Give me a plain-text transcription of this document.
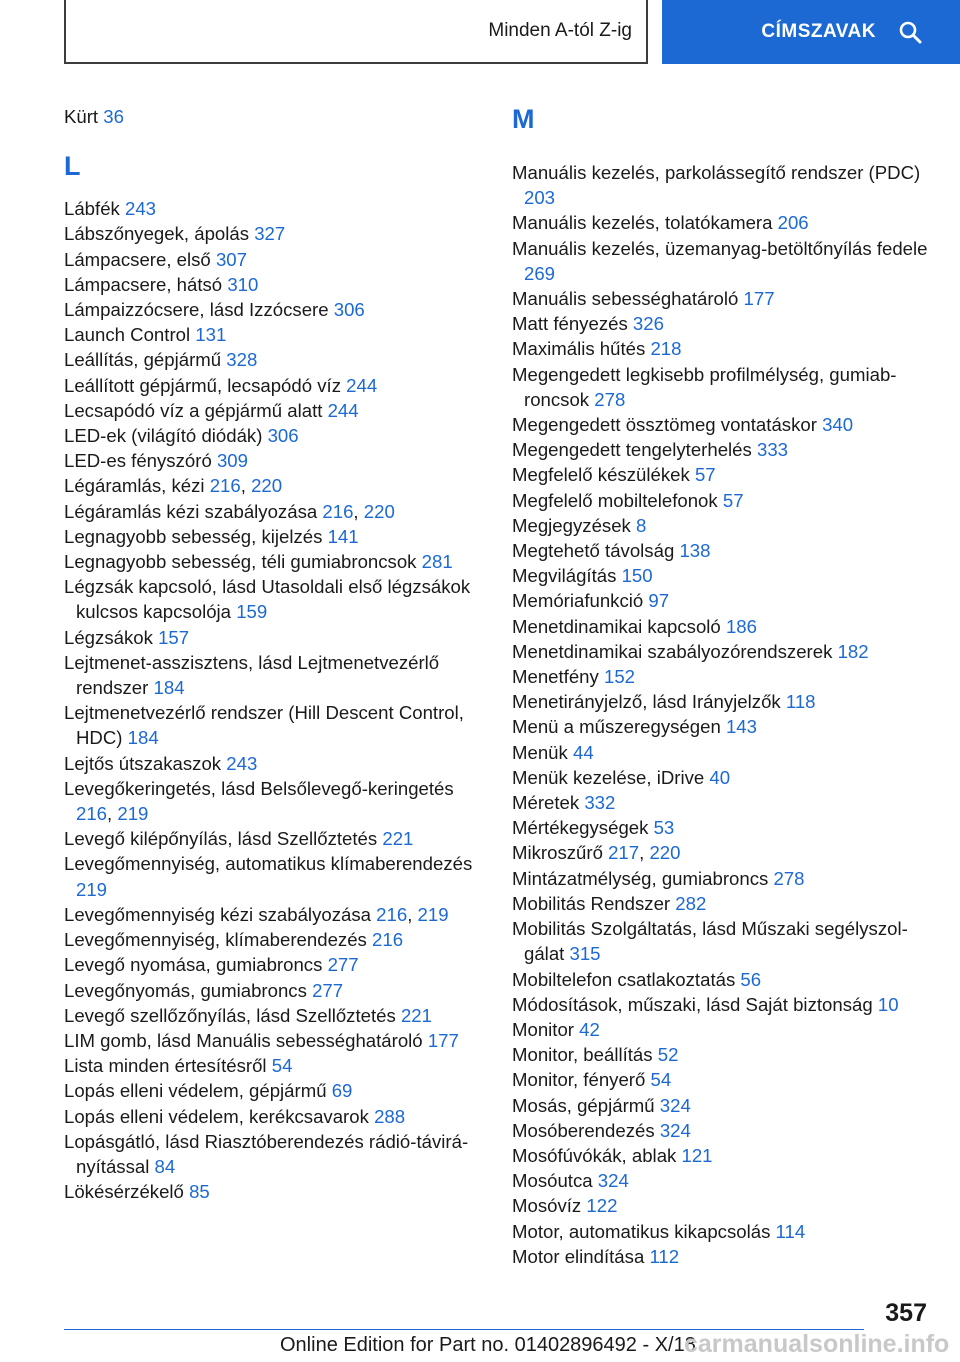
Minden A-tól Z-ig	CÍMSZAVAK
Kürt 36
L
Lábfék 243
Lábszőnyegek, ápolás 327
Lámpacsere, első 307
Lámpacsere, hátsó 310
Lámpaizzócsere, lásd Izzócsere 306
Launch Control 131
Leállítás, gépjármű 328
Leállított gépjármű, lecsapódó víz 244
Lecsapódó víz a gépjármű alatt 244
LED-ek (világító diódák) 306
LED-es fényszóró 309
Légáramlás, kézi 216, 220
Légáramlás kézi szabályozása 216, 220
Legnagyobb sebesség, kijelzés 141
Legnagyobb sebesség, téli gumiabroncsok 281
Légzsák kapcsoló, lásd Utasoldali első légzsákok kulcsos kapcsolója 159
Légzsákok 157
Lejtmenet-asszisztens, lásd Lejtmenetvezérlő rendszer 184
Lejtmenetvezérlő rendszer (Hill Descent Control, HDC) 184
Lejtős útszakaszok 243
Levegőkeringetés, lásd Belsőlevegő-keringetés 216, 219
Levegő kilépőnyílás, lásd Szellőztetés 221
Levegőmennyiség, automatikus klímaberendezés 219
Levegőmennyiség kézi szabályozása 216, 219
Levegőmennyiség, klímaberendezés 216
Levegő nyomása, gumiabroncs 277
Levegőnyomás, gumiabroncs 277
Levegő szellőzőnyílás, lásd Szellőztetés 221
LIM gomb, lásd Manuális sebességhatároló 177
Lista minden értesítésről 54
Lopás elleni védelem, gépjármű 69
Lopás elleni védelem, kerékcsavarok 288
Lopásgátló, lásd Riasztóberendezés rádió-távirányítással 84
Lökésérzékelő 85
M
Manuális kezelés, parkolássegítő rendszer (PDC) 203
Manuális kezelés, tolatókamera 206
Manuális kezelés, üzemanyag-betöltőnyílás fedele 269
Manuális sebességhatároló 177
Matt fényezés 326
Maximális hűtés 218
Megengedett legkisebb profilmélység, gumiabroncsok 278
Megengedett össztömeg vontatáskor 340
Megengedett tengelyterhelés 333
Megfelelő készülékek 57
Megfelelő mobiltelefonok 57
Megjegyzések 8
Megtehető távolság 138
Megvilágítás 150
Memóriafunkció 97
Menetdinamikai kapcsoló 186
Menetdinamikai szabályozórendszerek 182
Menetfény 152
Menetirányjelző, lásd Irányjelzők 118
Menü a műszeregységen 143
Menük 44
Menük kezelése, iDrive 40
Méretek 332
Mértékegységek 53
Mikroszűrő 217, 220
Mintázatmélység, gumiabroncs 278
Mobilitás Rendszer 282
Mobilitás Szolgáltatás, lásd Műszaki segélyszolgálat 315
Mobiltelefon csatlakoztatás 56
Módosítások, műszaki, lásd Saját biztonság 10
Monitor 42
Monitor, beállítás 52
Monitor, fényerő 54
Mosás, gépjármű 324
Mosóberendezés 324
Mosófúvókák, ablak 121
Mosóutca 324
Mosóvíz 122
Motor, automatikus kikapcsolás 114
Motor elindítása 112
357
Online Edition for Part no. 01402896492 - X/18
carmanualsonline.info
